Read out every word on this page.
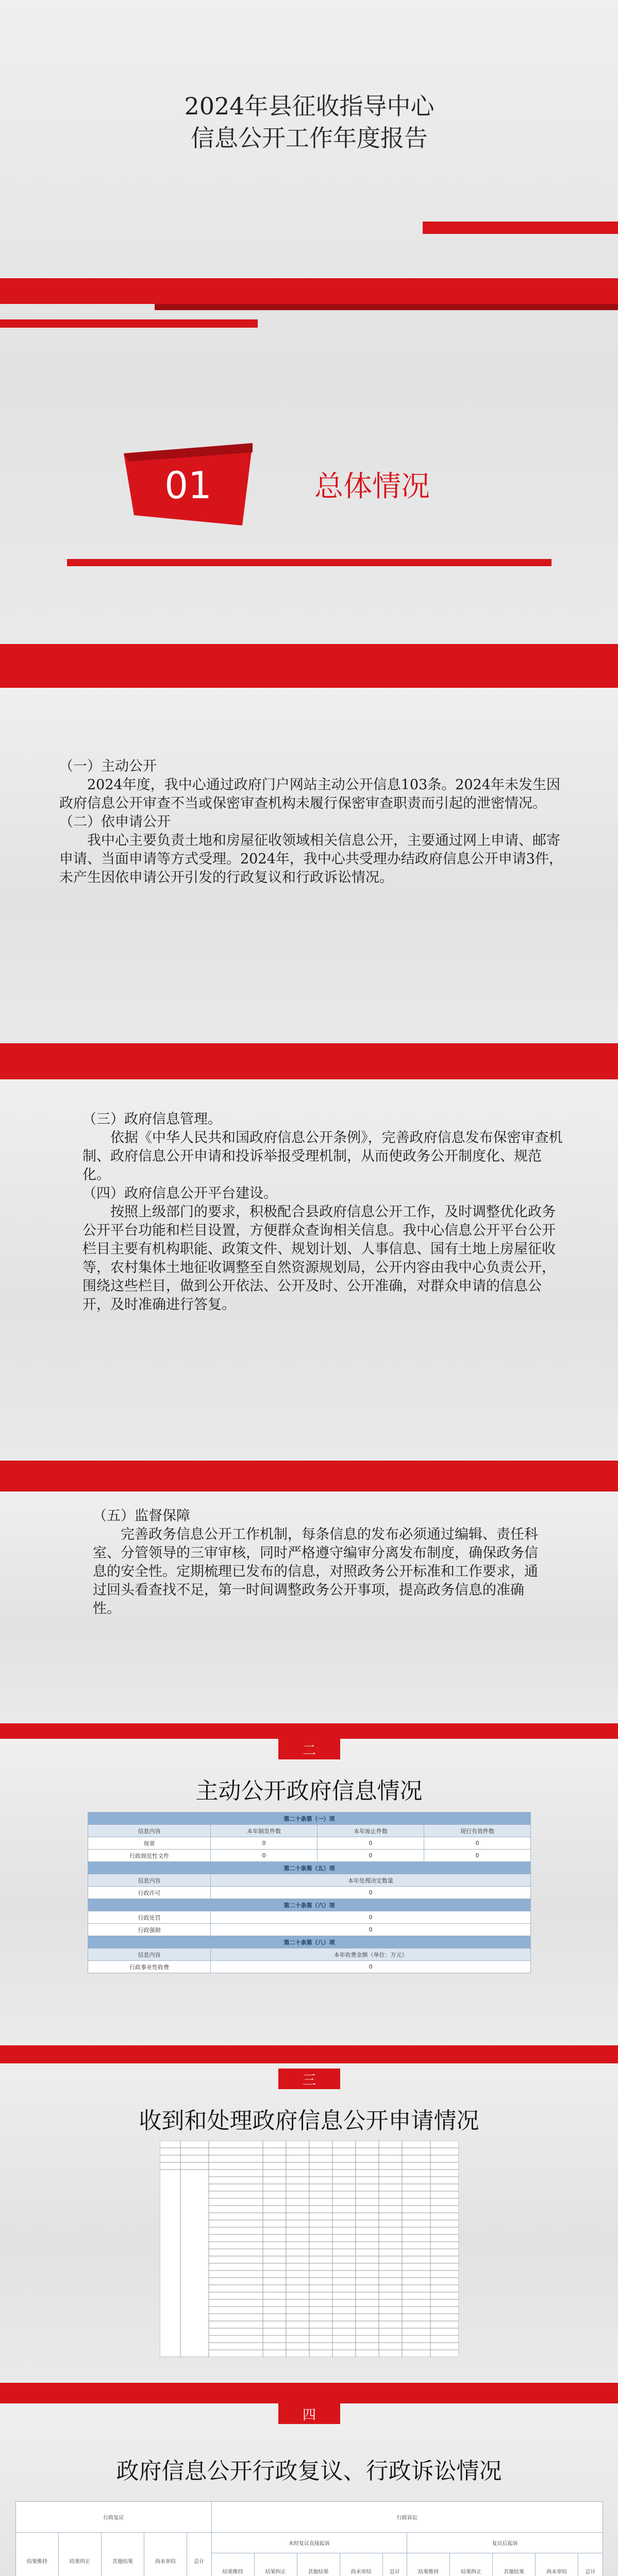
2024年县征收指导中心
信息公开工作年度报告
01	总体情况
（一）主动公开
2024年度，我中心通过政府门户网站主动公开信息103条。2024年未发生因政府信息公开审查不当或保密审查机构未履行保密审查职责而引起的泄密情况。
（二）依申请公开
我中心主要负责土地和房屋征收领域相关信息公开，主要通过网上申请、邮寄申请、当面申请等方式受理。2024年，我中心共受理办结政府信息公开申请3件，未产生因依申请公开引发的行政复议和行政诉讼情况。
（三）政府信息管理。
依据《中华人民共和国政府信息公开条例》，完善政府信息发布保密审查机制、政府信息公开申请和投诉举报受理机制，从而使政务公开制度化、规范化。
（四）政府信息公开平台建设。
按照上级部门的要求，积极配合县政府信息公开工作，及时调整优化政务公开平台功能和栏目设置，方便群众查询相关信息。我中心信息公开平台公开栏目主要有机构职能、政策文件、规划计划、人事信息、国有土地上房屋征收等，农村集体土地征收调整至自然资源规划局，公开内容由我中心负责公开，围绕这些栏目，做到公开依法、公开及时、公开准确，对群众申请的信息公开，及时准确进行答复。
（五）监督保障
完善政务信息公开工作机制，每条信息的发布必须通过编辑、责任科室、分管领导的三审审核，同时严格遵守编审分离发布制度，确保政务信息的安全性。定期梳理已发布的信息，对照政务公开标准和工作要求，通过回头看查找不足，第一时间调整政务公开事项，提高政务信息的准确性。
二
主动公开政府信息情况
第二十条第（一）项			
信息内容	本年制发件数	本年废止件数	现行有效件数
规章	0	0	0
行政规范性文件	0	0	0
第二十条第（五）项			
信息内容	本年处理决定数量		
行政许可	0		
第二十条第（六）项			
行政处罚	0		
行政强制	0		
第二十条第（八）项			
信息内容	本年收费金额（单位：万元）		
行政事业性收费	0		
三
收到和处理政府信息公开申请情况
四
政府信息公开行政复议、行政诉讼情况
行政复议					行政诉讼									
结果维持	结果纠正	其他结果	尚未审结	总计	未经复议直接起诉					复议后起诉				
					结果维持	结果纠正	其他结果	尚未审结	总计	结果维持	结果纠正	其他结果	尚未审结	总计
